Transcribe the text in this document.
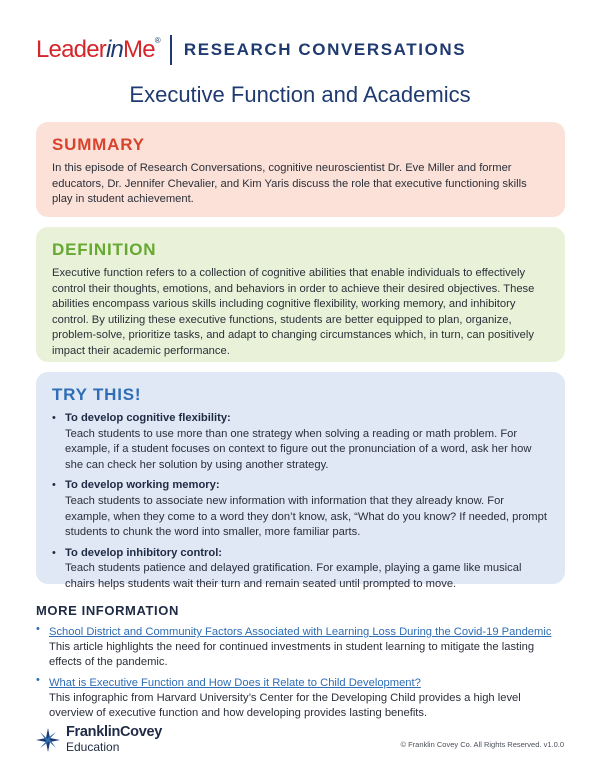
LeaderinMe® RESEARCH CONVERSATIONS
Executive Function and Academics
SUMMARY

In this episode of Research Conversations, cognitive neuroscientist Dr. Eve Miller and former educators, Dr. Jennifer Chevalier, and Kim Yaris discuss the role that executive functioning skills play in student achievement.

DEFINITION

Executive function refers to a collection of cognitive abilities that enable individuals to effectively control their thoughts, emotions, and behaviors in order to achieve their desired objectives. These abilities encompass various skills including cognitive flexibility, working memory, and inhibitory control. By utilizing these executive functions, students are better equipped to plan, organize, problem-solve, prioritize tasks, and adapt to changing circumstances which, in turn, can positively impact their academic performance.

TRY THIS!
• To develop cognitive flexibility:
Teach students to use more than one strategy when solving a reading or math problem. For example, if a student focuses on context to figure out the pronunciation of a word, ask her how she can check her solution by using another strategy.
• To develop working memory:
Teach students to associate new information with information that they already know. For example, when they come to a word they don’t know, ask, “What do you know? If needed, prompt students to chunk the word into smaller, more familiar parts.
• To develop inhibitory control:
Teach students patience and delayed gratification. For example, playing a game like musical chairs helps students wait their turn and remain seated until prompted to move.
MORE INFORMATION
• School District and Community Factors Associated with Learning Loss During the Covid-19 Pandemic
This article highlights the need for continued investments in student learning to mitigate the lasting effects of the pandemic.
• What is Executive Function and How Does it Relate to Child Development?
This infographic from Harvard University’s Center for the Developing Child provides a high level overview of executive function and how developing provides lasting benefits.
FranklinCovey
Education	© Franklin Covey Co. All Rights Reserved. v1.0.0
